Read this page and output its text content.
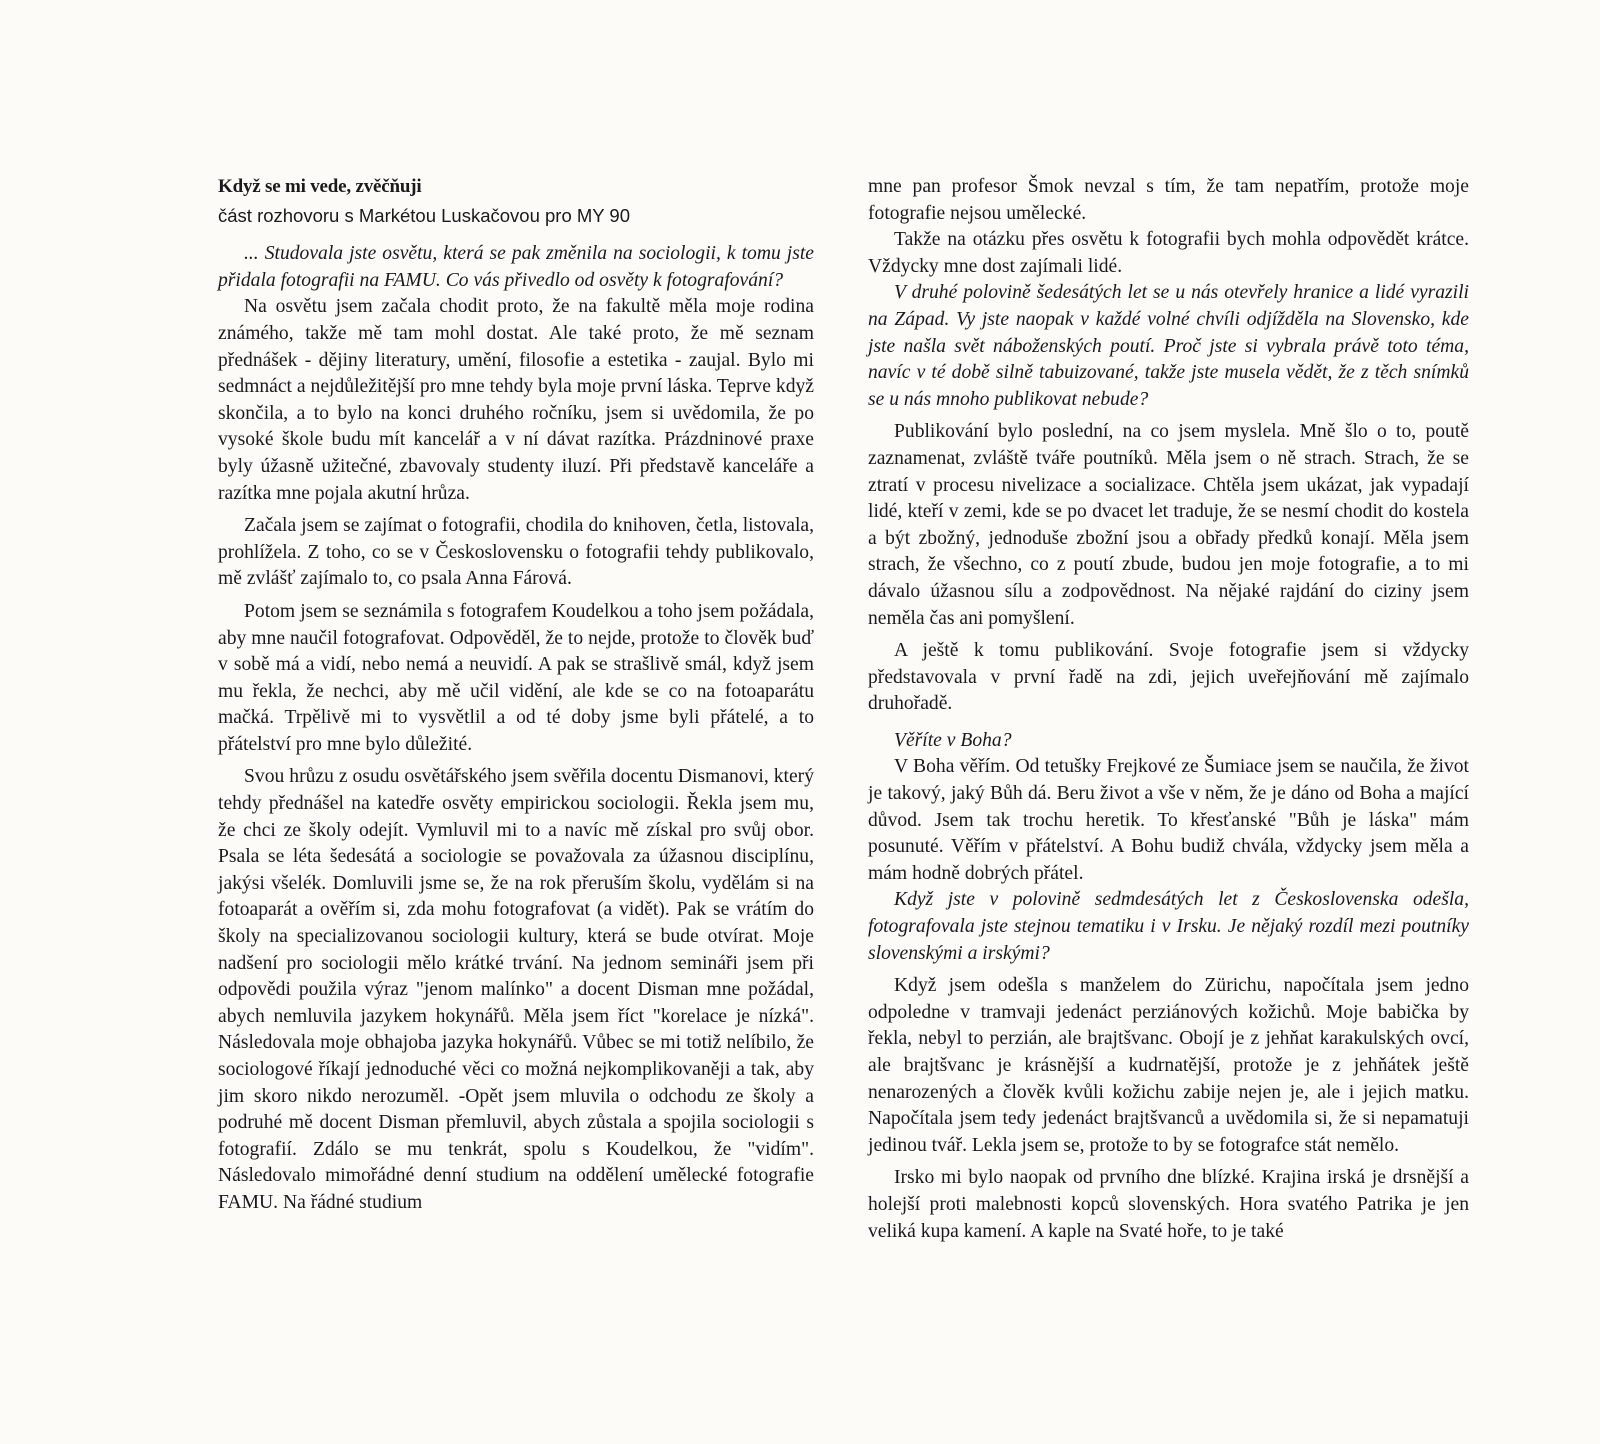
Když se mi vede, zvěčňuji
část rozhovoru s Markétou Luskačovou pro MY 90

... Studovala jste osvětu, která se pak změnila na sociologii, k tomu jste přidala fotografii na FAMU. Co vás přivedlo od osvěty k fotografování?

Na osvětu jsem začala chodit proto, že na fakultě měla moje rodina známého, takže mě tam mohl dostat. Ale také proto, že mě seznam přednášek - dějiny literatury, umění, filosofie a estetika - zaujal. Bylo mi sedmnáct a nejdůležitější pro mne tehdy byla moje první láska. Teprve když skončila, a to bylo na konci druhého ročníku, jsem si uvědomila, že po vysoké škole budu mít kancelář a v ní dávat razítka. Prázdninové praxe byly úžasně užitečné, zbavovaly studenty iluzí. Při představě kanceláře a razítka mne pojala akutní hrůza.

Začala jsem se zajímat o fotografii, chodila do knihoven, četla, listovala, prohlížela. Z toho, co se v Československu o fotografii tehdy publikovalo, mě zvlášť zajímalo to, co psala Anna Fárová.

Potom jsem se seznámila s fotografem Koudelkou a toho jsem požádala, aby mne naučil fotografovat. Odpověděl, že to nejde, protože to člověk buď v sobě má a vidí, nebo nemá a neuvidí. A pak se strašlivě smál, když jsem mu řekla, že nechci, aby mě učil vidění, ale kde se co na fotoaparátu mačká. Trpělivě mi to vysvětlil a od té doby jsme byli přátelé, a to přátelství pro mne bylo důležité.

Svou hrůzu z osudu osvětářského jsem svěřila docentu Dismanovi, který tehdy přednášel na katedře osvěty empirickou sociologii. Řekla jsem mu, že chci ze školy odejít. Vymluvil mi to a navíc mě získal pro svůj obor. Psala se léta šedesátá a sociologie se považovala za úžasnou disciplínu, jakýsi všelék. Domluvili jsme se, že na rok přeruším školu, vydělám si na fotoaparát a ověřím si, zda mohu fotografovat (a vidět). Pak se vrátím do školy na specializovanou sociologii kultury, která se bude otvírat. Moje nadšení pro sociologii mělo krátké trvání. Na jednom semináři jsem při odpovědi použila výraz "jenom malínko" a docent Disman mne požádal, abych nemluvila jazykem hokynářů. Měla jsem říct "korelace je nízká". Následovala moje obhajoba jazyka hokynářů. Vůbec se mi totiž nelíbilo, že sociologové říkají jednoduché věci co možná nejkomplikovaněji a tak, aby jim skoro nikdo nerozuměl. -Opět jsem mluvila o odchodu ze školy a podruhé mě docent Disman přemluvil, abych zůstala a spojila sociologii s fotografií. Zdálo se mu tenkrát, spolu s Koudelkou, že "vidím". Následovalo mimořádné denní studium na oddělení umělecké fotografie FAMU. Na řádné studium

mne pan profesor Šmok nevzal s tím, že tam nepatřím, protože moje fotografie nejsou umělecké.

Takže na otázku přes osvětu k fotografii bych mohla odpovědět krátce. Vždycky mne dost zajímali lidé.

V druhé polovině šedesátých let se u nás otevřely hranice a lidé vyrazili na Západ. Vy jste naopak v každé volné chvíli odjížděla na Slovensko, kde jste našla svět náboženských poutí. Proč jste si vybrala právě toto téma, navíc v té době silně tabuizované, takže jste musela vědět, že z těch snímků se u nás mnoho publikovat nebude?

Publikování bylo poslední, na co jsem myslela. Mně šlo o to, poutě zaznamenat, zvláště tváře poutníků. Měla jsem o ně strach. Strach, že se ztratí v procesu nivelizace a socializace. Chtěla jsem ukázat, jak vypadají lidé, kteří v zemi, kde se po dvacet let traduje, že se nesmí chodit do kostela a být zbožný, jednoduše zbožní jsou a obřady předků konají. Měla jsem strach, že všechno, co z poutí zbude, budou jen moje fotografie, a to mi dávalo úžasnou sílu a zodpovědnost. Na nějaké rajdání do ciziny jsem neměla čas ani pomyšlení.

A ještě k tomu publikování. Svoje fotografie jsem si vždycky představovala v první řadě na zdi, jejich uveřejňování mě zajímalo druhořadě.

Věříte v Boha?

V Boha věřím. Od tetušky Frejkové ze Šumiace jsem se naučila, že život je takový, jaký Bůh dá. Beru život a vše v něm, že je dáno od Boha a mající důvod. Jsem tak trochu heretik. To křesťanské "Bůh je láska" mám posunuté. Věřím v přátelství. A Bohu budiž chvála, vždycky jsem měla a mám hodně dobrých přátel.

Když jste v polovině sedmdesátých let z Československa odešla, fotografovala jste stejnou tematiku i v Irsku. Je nějaký rozdíl mezi poutníky slovenskými a irskými?

Když jsem odešla s manželem do Zürichu, napočítala jsem jedno odpoledne v tramvaji jedenáct perziánových kožichů. Moje babička by řekla, nebyl to perzián, ale brajtšvanc. Obojí je z jehňat karakulských ovcí, ale brajtšvanc je krásnější a kudrnatější, protože je z jehňátek ještě nenarozených a člověk kvůli kožichu zabije nejen je, ale i jejich matku. Napočítala jsem tedy jedenáct brajtšvanců a uvědomila si, že si nepamatuji jedinou tvář. Lekla jsem se, protože to by se fotografce stát nemělo.

Irsko mi bylo naopak od prvního dne blízké. Krajina irská je drsnější a holejší proti malebnosti kopců slovenských. Hora svatého Patrika je jen veliká kupa kamení. A kaple na Svaté hoře, to je také
